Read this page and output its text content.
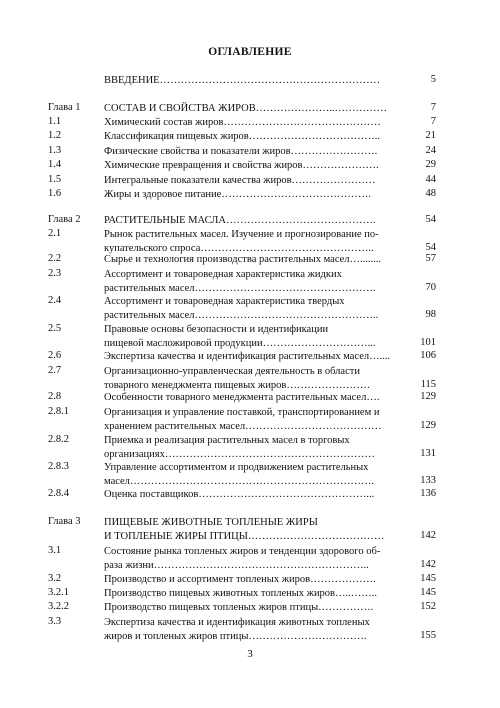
ОГЛАВЛЕНИЕ
ВВЕДЕНИЕ………………………………………………………	5
Глава 1 СОСТАВ И СВОЙСТВА ЖИРОВ…………………..……………	7
1.1	Химический состав жиров………………………………………	7
1.2	Классификация пищевых жиров………………………………..	21
1.3	Физические свойства и показатели жиров…………………….	24
1.4	Химические превращения и свойства жиров………………….	29
1.5	Интегральные показатели качества жиров……………………	44
1.6	Жиры и здоровое питание…………………………………….	48
Глава 2 РАСТИТЕЛЬНЫЕ МАСЛА…………………………………….	54
2.1	Рынок растительных масел. Изучение и прогнозирование по-
купательского спроса…………………………………………..	54
2.2	Сырье и технология производства растительных масел…........	57
2.3	Ассортимент и товароведная характеристика жидких
растительных масел…………………………………………….	70
2.4	Ассортимент и товароведная характеристика твердых
растительных масел……………………………………………..	98
2.5	Правовые основы безопасности и идентификации
пищевой масложировой продукции…………………………...	101
2.6	Экспертиза качества и идентификация растительных масел…....	106
2.7	Организационно-управленческая деятельность в области
товарного менеджмента пищевых жиров……………………	115
2.8	Особенности товарного менеджмента растительных масел….	129
2.8.1	Организация и управление поставкой, транспортированием и
хранением растительных масел…………………………………	129
2.8.2	Приемка и реализация растительных масел в торговых
организациях……………………………………………………	131
2.8.3	Управление ассортиментом и продвижением растительных
масел…………………………………………………………….	133
2.8.4	Оценка поставщиков…………………………………………...	136
Глава 3 ПИЩЕВЫЕ ЖИВОТНЫЕ ТОПЛЕНЫЕ ЖИРЫ
И ТОПЛЕНЫЕ ЖИРЫ ПТИЦЫ…………………………………	142
3.1	Состояние рынка топленых жиров и тенденции здорового об-
раза жизни……………………………………………………..	142
3.2	Производство и ассортимент топленых жиров……………….	145
3.2.1	Производство пищевых животных топленых жиров…..……..	145
3.2.2	Производство пищевых топленых жиров птицы…………….	152
3.3	Экспертиза качества и идентификация животных топленых
жиров и топленых жиров птицы…………………………….	155
3
